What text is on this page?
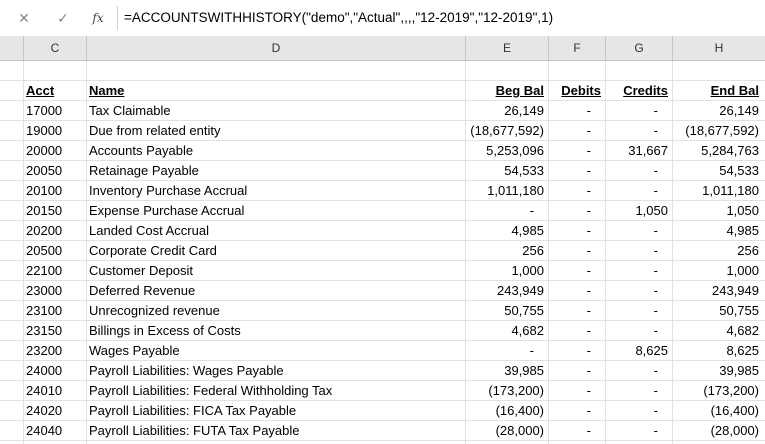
✕ ✓	fx	=ACCOUNTSWITHHISTORY("demo","Actual",,,,"12-2019","12-2019",1)
C	D	E	F	G	H
Acct	Name	Beg Bal	Debits	Credits	End Bal
17000	Tax Claimable	26,149	-	-	26,149
19000	Due from related entity	(18,677,592)	-	-	(18,677,592)
20000	Accounts Payable	5,253,096	-	31,667	5,284,763
20050	Retainage Payable	54,533	-	-	54,533
20100	Inventory Purchase Accrual	1,011,180	-	-	1,011,180
20150	Expense Purchase Accrual	-	-	1,050	1,050
20200	Landed Cost Accrual	4,985	-	-	4,985
20500	Corporate Credit Card	256	-	-	256
22100	Customer Deposit	1,000	-	-	1,000
23000	Deferred Revenue	243,949	-	-	243,949
23100	Unrecognized revenue	50,755	-	-	50,755
23150	Billings in Excess of Costs	4,682	-	-	4,682
23200	Wages Payable	-	-	8,625	8,625
24000	Payroll Liabilities: Wages Payable	39,985	-	-	39,985
24010	Payroll Liabilities: Federal Withholding Tax	(173,200)	-	-	(173,200)
24020	Payroll Liabilities: FICA Tax Payable	(16,400)	-	-	(16,400)
24040	Payroll Liabilities: FUTA Tax Payable	(28,000)	-	-	(28,000)
